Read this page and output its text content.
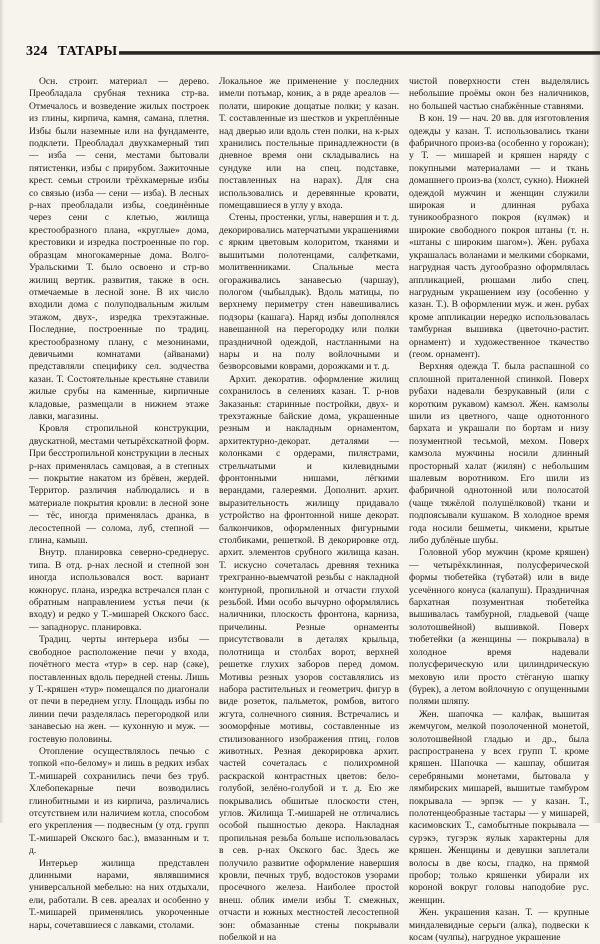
324 ТАТАРЫ

Осн. строит. материал — дерево. Преобладала срубная техника стр-ва. Отмечалось и возведение жилых построек из глины, кирпича, камня, самана, плетня. Избы были наземные или на фундаменте, подклети. Преобладал двухкамерный тип — изба — сени, местами бытовали пятистенки, избы с прирубом. Зажиточные крест. семьи строили трёхкамерные избы со связью (изба — сени — изба). В лесных р-нах преобладали избы, соединённые через сени с клетью, жилища крестообразного плана, «круглые» дома, крестовики и изредка построенные по гор. образцам многокамерные дома. Волго-Уральскими Т. было освоено и стр-во жилищ вертик. развития, также в осн. отмечаемые в лесной зоне. В их число входили дома с полуподвальным жилым этажом, двух-, изредка трехэтажные. Последние, построенные по традиц. крестообразному плану, с мезонинами, девичьими комнатами (айванами) представляли специфику сел. зодчества казан. Т. Состоятельные крестьяне ставили жилые срубы на каменные, кирпичные кладовые, размещали в нижнем этаже лавки, магазины.

Кровля стропильной конструкции, двускатной, местами четырёхскатной форм. При бесстропильной конструкции в лесных р-нах применялась самцовая, а в степных — покрытие накатом из брёвен, жердей. Территор. различия наблюдались и в материале покрытия кровли: в лесной зоне — тёс, иногда применялась дранка, в лесостепной — солома, луб, степной — глина, камыш.

Внутр. планировка северно-среднерус. типа. В отд. р-нах лесной и степной зон иногда использовался вост. вариант южнорус. плана, изредка встречался план с обратным направлением устья печи (к входу) и редко у Т.-мишарей Окского басс. — западнорус. планировка.

Традиц. черты интерьера избы — свободное расположение печи у входа, почётного места «тур» в сер. нар (сәке), поставленных вдоль передней стены. Лишь у Т.-кряшен «тур» помещался по диагонали от печи в переднем углу. Площадь избы по линии печи разделялась перегородкой или занавесью на жен. — кухонную и муж. — гостевую половины.

Отопление осуществлялось печью с топкой «по-белому» и лишь в редких избах Т.-мишарей сохранились печи без труб. Хлебопекарные печи возводились глинобитными и из кирпича, различались отсутствием или наличием котла, способом его укрепления — подвесным (у отд. групп Т.-мишарей Окского бас.), вмазанным и т. д.

Интерьер жилища представлен длинными нарами, являвшимися универсальной мебелью: на них отдыхали, ели, работали. В сев. ареалах и особенно у Т.-мишарей применялись укороченные нары, сочетавшиеся с лавками, столами.

Локальное же применение у последних имели потьмар, коник, а в ряде ареалов — полати, широкие дощатые полки; у казан. Т. составленные из шестков и укреплённые над дверью или вдоль стен полки, на к-рых хранились постельные принадлежности (в дневное время они складывались на сундуке или на спец. подставке, поставленных на нарах). Для сна использовались и деревянные кровати, помещавшиеся в углу у входа.

Стены, простенки, углы, навершия и т. д. декорировались матерчатыми украшениями с ярким цветовым колоритом, тканями и вышитыми полотенцами, салфетками, молитвенниками. Спальные места огораживались занавесью (чаршау), пологом (чыбылдык). Вдоль матицы, по верхнему периметру стен навешивались подзоры (кашага). Наряд избы дополнялся навешанной на перегородку или полки праздничной одеждой, настланными на нары и на полу войлочными и безворсовыми коврами, дорожками и т. д.

Архит. декоратив. оформление жилищ сохранилось в селениях казан. Т. р-нов Заказанья: старинные постройки, двух- и трехэтажные байские дома, украшенные резным и накладным орнаментом, архитектурно-декорат. деталями — колонками с ордерами, пилястрами, стрельчатыми и килевидными фронтонными нишами, лёгкими верандами, галереями. Дополнит. архит. выразительность жилищу придавало устройство на фронтонной нише декорат. балкончиков, оформленных фигурными столбиками, решеткой. В декорировке отд. архит. элементов срубного жилища казан. Т. искусно сочеталась древняя техника трехгранно-выемчатой резьбы с накладной контурной, пропильной и отчасти глухой резьбой. Ими особо вычурно оформлялись наличники, плоскость фронтона, карниза, причелины. Резные орнаменты присутствовали в деталях крыльца, полотнища и столбах ворот, верхней решетке глухих заборов перед домом. Мотивы резных узоров составлялись из набора растительных и геометрич. фигур в виде розеток, пальметок, ромбов, витого жгута, солнечного сияния. Встречались и зооморфные мотивы, составленные из стилизованного изображения птиц, голов животных. Резная декорировка архит. частей сочеталась с полихромной раскраской контрастных цветов: бело-голубой, зелёно-голубой и т. д. Ею же покрывались обшитые плоскости стен, углов. Жилища Т.-мишарей не отличались особой пышностью декора. Накладная пропильная резьба больше использовалась в сев. р-нах Окского бас. Здесь же получило развитие оформление навершия кровли, печных труб, водостоков узорами просечного железа. Наиболее простой внеш. облик имели избы Т. смежных, отчасти и южных местностей лесостепной зон: обмазанные стены покрывали побелкой и на

чистой поверхности стен выделялись небольшие проёмы окон без наличников, но большей частью снабжённые ставнями.

В кон. 19 — нач. 20 вв. для изготовления одежды у казан. Т. использовались ткани фабричного произ-ва (особенно у горожан); у Т. — мишарей и кряшен наряду с покупными материалами — и ткань домашнего произ-ва (холст, сукно). Нижней одеждой мужчин и женщин служили широкая и длинная рубаха туникообразного покроя (күлмәк) и широкие свободного покроя штаны (т. н. «штаны с широким шагом»). Жен. рубаха украшалась воланами и мелкими сборками, нагрудная часть дугообразно оформлялась аппликацией, рюшами либо спец. нагрудным украшением изу (особенно у казан. Т.). В оформлении муж. и жен. рубах кроме аппликации нередко использовалась тамбурная вышивка (цветочно-растит. орнамент) и художественное ткачество (геом. орнамент).

Верхняя одежда Т. была распашной со сплошной приталенной спинкой. Поверх рубахи надевали безрукавный (или с коротким рукавом) камзол. Жен. камзолы шили из цветного, чаще однотонного бархата и украшали по бортам и низу позументной тесьмой, мехом. Поверх камзола мужчины носили длинный просторный халат (жилян) с небольшим шалевым воротником. Его шили из фабричной однотонной или полосатой (чаще тяжёлой полушёлковой) ткани и подпоясывали кушаком. В холодное время года носили бешметы, чикмени, крытые либо дублёные шубы.

Головной убор мужчин (кроме кряшен) — четырёхклинная, полусферической формы тюбетейка (түбәтәй) или в виде усечённого конуса (калапуш). Праздничная бархатная позументная тюбетейка вышивалась тамбурной, гладьевой (чаще золотошвейной) вышивкой. Поверх тюбетейки (а женщины — покрывала) в холодное время надевали полусферическую или цилиндрическую меховую или просто стёганую шапку (бүрек), а летом войлочную с опущенными полями шляпу.

Жен. шапочка — калфак, вышитая жемчугом, мелкой позолоченной монетой, золотошвейной гладью и др., была распространена у всех групп Т. кроме кряшен. Шапочка — кашпау, обшитая серебряными монетами, бытовала у лямбирских мишарей, вышитые тамбуром покрывала — эрпэк — у казан. Т., полотенцеобразные тастары — у мишарей, касимовских Т., самобытные покрывала — сурэкэ, тугэрэк яулык характерны для кряшен. Женщины и девушки заплетали волосы в две косы, гладко, на прямой пробор; только кряшенки убирали их короной вокруг головы наподобие рус. женщин.

Жен. украшения казан. Т. — крупные миндалевидные серьги (алка), подвески к косам (чулпы), нагрудное украшение
